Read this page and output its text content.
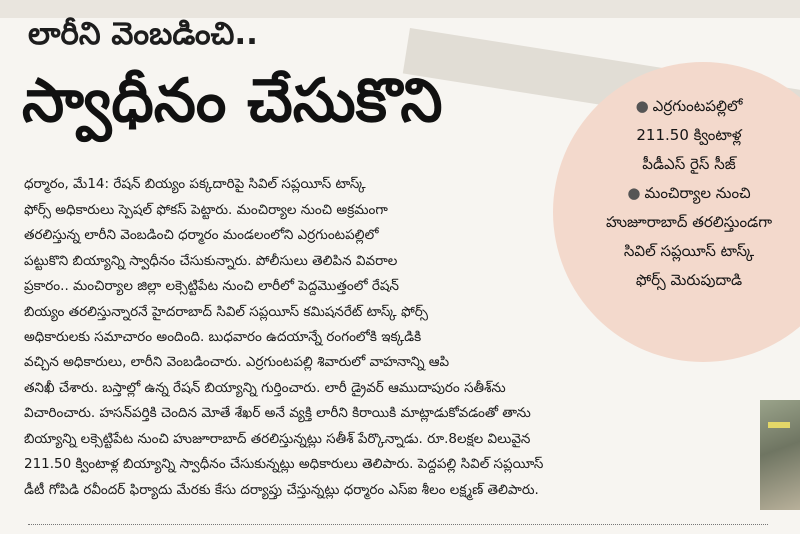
లారీని వెంబడించి..
స్వాధీనం చేసుకొని	● ఎర్రగుంటపల్లిలో
211.50 క్వింటాళ్ల
పీడీఎస్ రైస్ సీజ్
● మంచిర్యాల నుంచి
హుజూరాబాద్ తరలిస్తుండగా
సివిల్ సప్లయీస్ టాస్క్
ఫోర్స్ మెరుపుదాడి
ధర్మారం, మే14: రేషన్ బియ్యం పక్కదారిపై సివిల్ సప్లయీస్ టాస్క్
ఫోర్స్ అధికారులు స్పెషల్ ఫోకస్ పెట్టారు. మంచిర్యాల నుంచి అక్రమంగా
తరలిస్తున్న లారీని వెంబడించి ధర్మారం మండలంలోని ఎర్రగుంటపల్లిలో
పట్టుకొని బియ్యాన్ని స్వాధీనం చేసుకున్నారు. పోలీసులు తెలిపిన వివరాల
ప్రకారం.. మంచిర్యాల జిల్లా లక్సెట్టిపేట నుంచి లారీలో పెద్దమొత్తంలో రేషన్
బియ్యం తరలిస్తున్నారనే హైదరాబాద్ సివిల్ సప్లయీస్ కమిషనరేట్ టాస్క్ ఫోర్స్
అధికారులకు సమాచారం అందింది. బుధవారం ఉదయాన్నే రంగంలోకి ఇక్కడికి
వచ్చిన అధికారులు, లారీని వెంబడించారు. ఎర్రగుంటపల్లి శివారులో వాహనాన్ని ఆపి
తనిఖీ చేశారు. బస్తాల్లో ఉన్న రేషన్ బియ్యాన్ని గుర్తించారు. లారీ డ్రైవర్ ఆముదాపురం సతీశ్‌ను
విచారించారు. హసన్‌పర్తికి చెందిన మోతే శేఖర్ అనే వ్యక్తి లారీని కిరాయికి మాట్లాడుకోవడంతో తాను
బియ్యాన్ని లక్సెట్టిపేట నుంచి హుజూరాబాద్ తరలిస్తున్నట్లు సతీశ్ పేర్కొన్నాడు. రూ.8లక్షల విలువైన
211.50 క్వింటాళ్ల బియ్యాన్ని స్వాధీనం చేసుకున్నట్లు అధికారులు తెలిపారు. పెద్దపల్లి సివిల్ సప్లయీస్
డీటీ గోపిడి రవీందర్ ఫిర్యాదు మేరకు కేసు దర్యాప్తు చేస్తున్నట్లు ధర్మారం ఎస్ఐ శీలం లక్ష్మణ్ తెలిపారు.
